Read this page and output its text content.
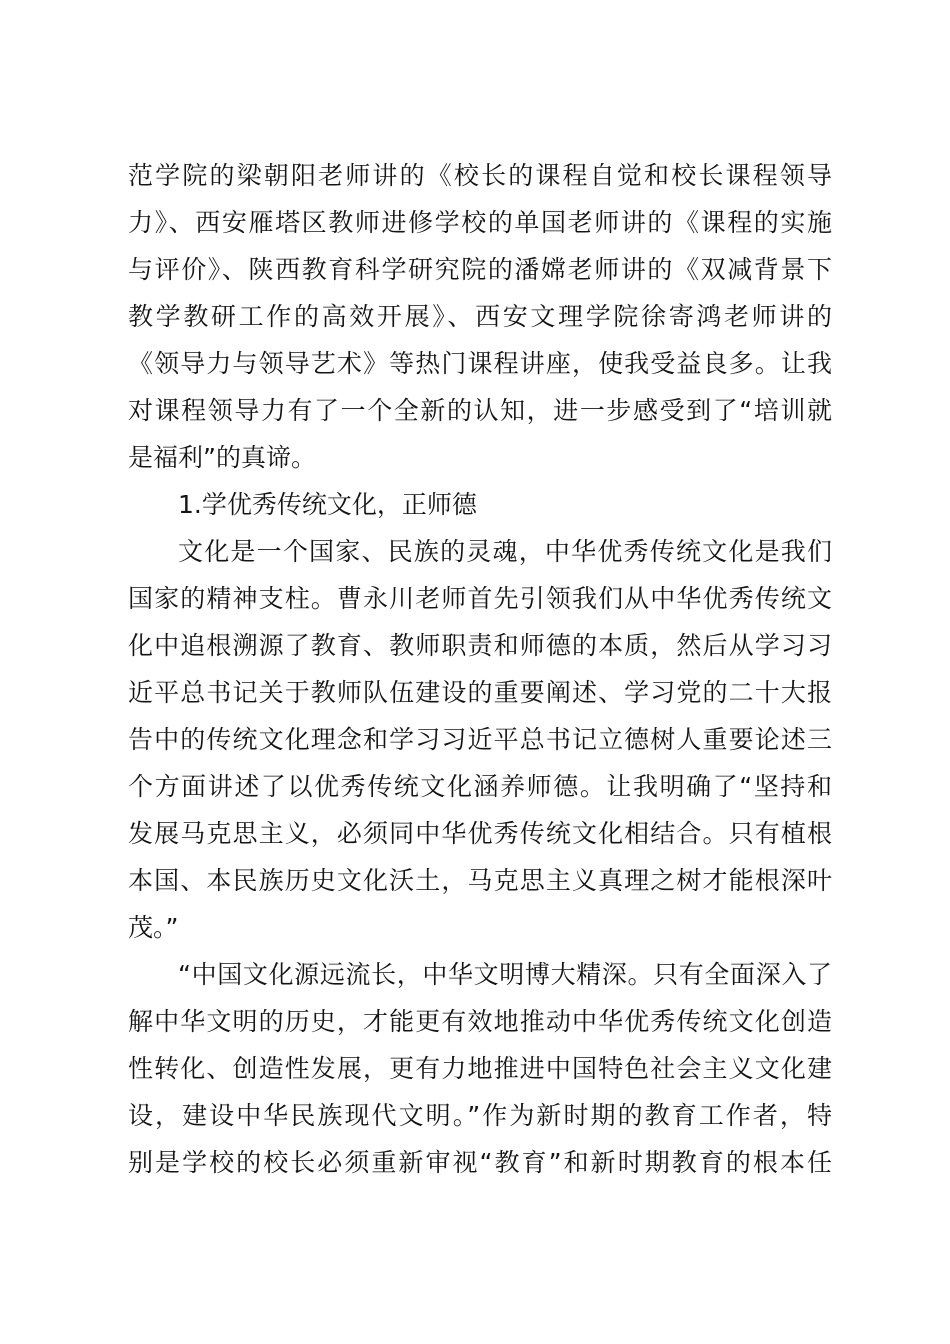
范学院的梁朝阳老师讲的《校长的课程自觉和校长课程领导
力》、西安雁塔区教师进修学校的单国老师讲的《课程的实施
与评价》、陕西教育科学研究院的潘嫦老师讲的《双减背景下
教学教研工作的高效开展》、西安文理学院徐寄鸿老师讲的
《领导力与领导艺术》等热门课程讲座，使我受益良多。让我
对课程领导力有了一个全新的认知，进一步感受到了“培训就
是福利”的真谛。
1.学优秀传统文化，正师德
文化是一个国家、民族的灵魂，中华优秀传统文化是我们
国家的精神支柱。曹永川老师首先引领我们从中华优秀传统文
化中追根溯源了教育、教师职责和师德的本质，然后从学习习
近平总书记关于教师队伍建设的重要阐述、学习党的二十大报
告中的传统文化理念和学习习近平总书记立德树人重要论述三
个方面讲述了以优秀传统文化涵养师德。让我明确了“坚持和
发展马克思主义，必须同中华优秀传统文化相结合。只有植根
本国、本民族历史文化沃土，马克思主义真理之树才能根深叶
茂。”
“中国文化源远流长，中华文明博大精深。只有全面深入了
解中华文明的历史，才能更有效地推动中华优秀传统文化创造
性转化、创造性发展，更有力地推进中国特色社会主义文化建
设，建设中华民族现代文明。”作为新时期的教育工作者，特
别是学校的校长必须重新审视“教育”和新时期教育的根本任
